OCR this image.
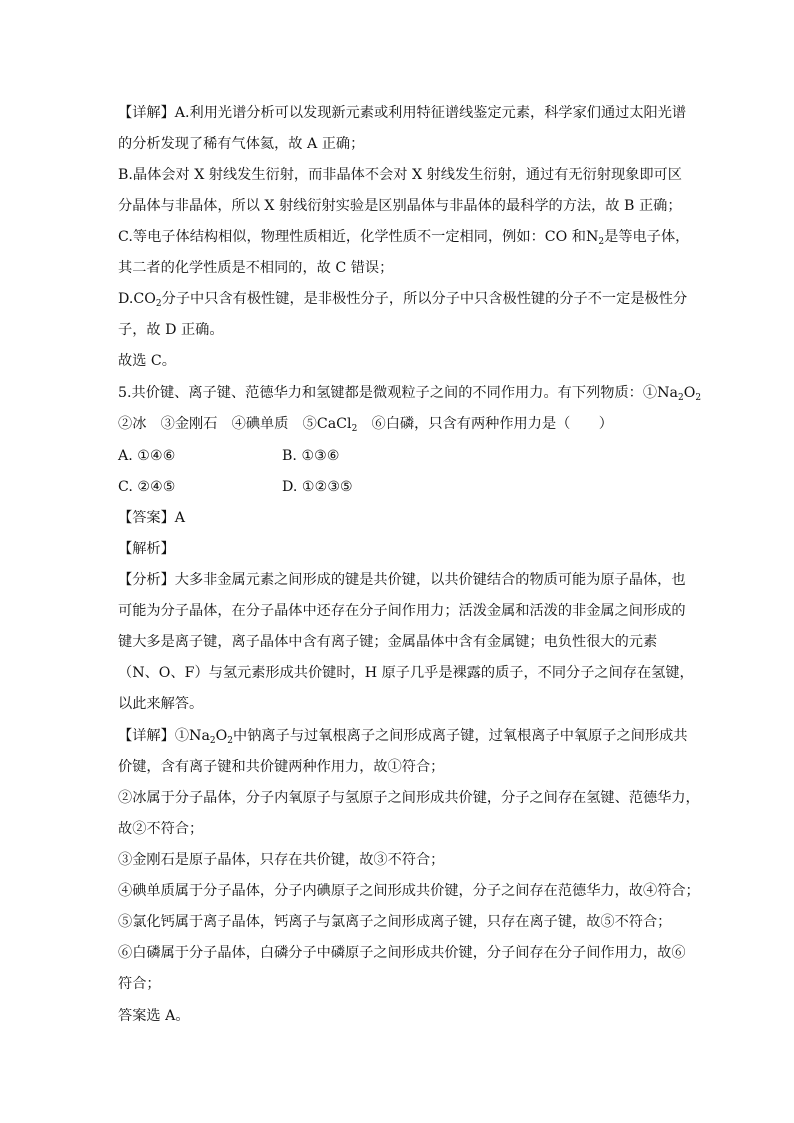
【详解】A.利用光谱分析可以发现新元素或利用特征谱线鉴定元素，科学家们通过太阳光谱
的分析发现了稀有气体氦，故 A 正确；
B.晶体会对 X 射线发生衍射，而非晶体不会对 X 射线发生衍射，通过有无衍射现象即可区
分晶体与非晶体，所以 X 射线衍射实验是区别晶体与非晶体的最科学的方法，故 B 正确；
C.等电子体结构相似，物理性质相近，化学性质不一定相同，例如：CO 和$N_2$是等电子体，
其二者的化学性质是不相同的，故 C 错误；
$D.CO_2$分子中只含有极性键，是非极性分子，所以分子中只含极性键的分子不一定是极性分
子，故 D 正确。
故选 C。
5.共价键、离子键、范德华力和氢键都是微观粒子之间的不同作用力。有下列物质：$①Na_2O_2$
②冰　 ③金刚石　 ④碘单质　 ⑤CaCl$_2$　 ⑥白磷，只含有两种作用力是（　　 ）
A. ①④⑥	B. ①③⑥
C. ②④⑤	D. ①②③⑤
【答案】A
【解析】
【分析】大多非金属元素之间形成的键是共价键，以共价键结合的物质可能为原子晶体，也
可能为分子晶体，在分子晶体中还存在分子间作用力；活泼金属和活泼的非金属之间形成的
键大多是离子键，离子晶体中含有离子键；金属晶体中含有金属键；电负性很大的元素
（N、O、F）与氢元素形成共价键时，H 原子几乎是裸露的质子，不同分子之间存在氢键，
以此来解答。
【详解】$①Na_2O_2$中钠离子与过氧根离子之间形成离子键，过氧根离子中氧原子之间形成共
价键，含有离子键和共价键两种作用力，故①符合；
②冰属于分子晶体，分子内氧原子与氢原子之间形成共价键，分子之间存在氢键、范德华力，
故②不符合；
③金刚石是原子晶体，只存在共价键，故③不符合；
④碘单质属于分子晶体，分子内碘原子之间形成共价键，分子之间存在范德华力，故④符合；
⑤氯化钙属于离子晶体，钙离子与氯离子之间形成离子键，只存在离子键，故⑤不符合；
⑥白磷属于分子晶体，白磷分子中磷原子之间形成共价键，分子间存在分子间作用力，故⑥
符合；
答案选 A。
